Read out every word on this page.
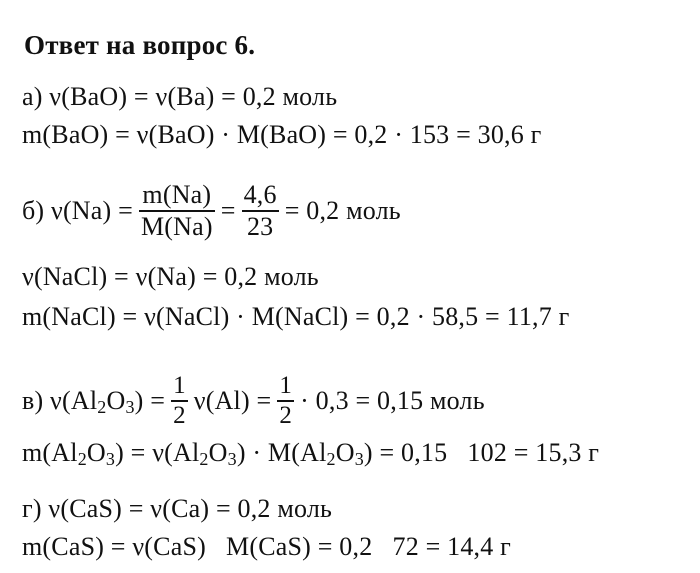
Ответ на вопрос 6.
а) ν(BaO) = ν(Ba) = 0,2 моль
m(BaO) = ν(BaO) · M(BaO) = 0,2 · 153 = 30,6 г
б) $\nu(Na) = \frac{m(Na)}{M(Na)} = \frac{4,6}{23} = 0,2$ моль
ν(NaCl) = ν(Na) = 0,2 моль
m(NaCl) = ν(NaCl) · M(NaCl) = 0,2 · 58,5 = 11,7 г
в) $\nu(Al_2O_3) = \frac{1}{2} \nu(Al) = \frac{1}{2} \cdot 0,3 = 0,15$ моль
$m(Al_2O_3) = \nu(Al_2O_3) \cdot M(Al_2O_3) = 0,15$   102 = 15,3 г
г) ν(CaS) = ν(Ca) = 0,2 моль
m(CaS) = ν(CaS)   M(CaS) = 0,2   72 = 14,4 г
